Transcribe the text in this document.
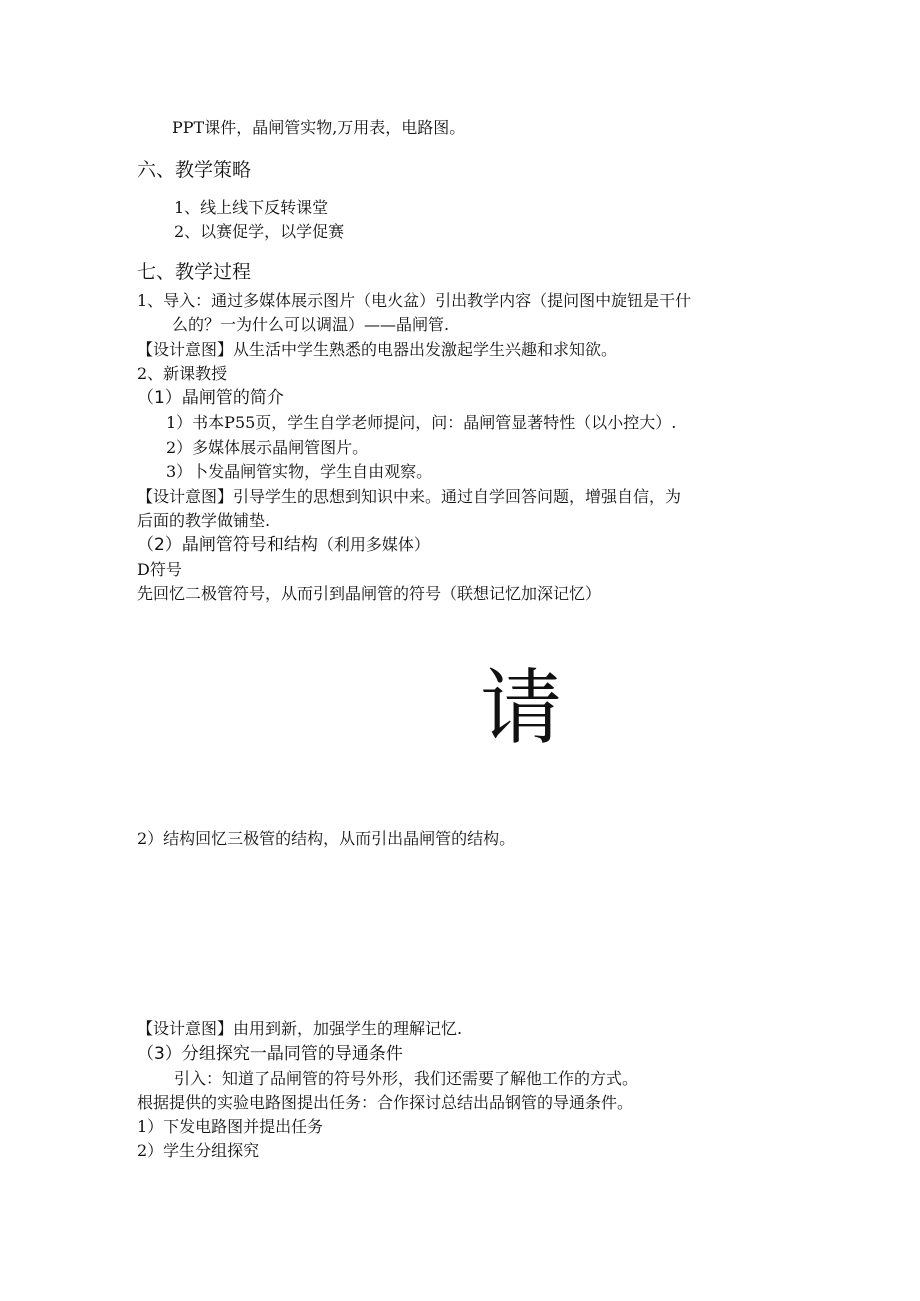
PPT课件，晶闸管实物,万用表，电路图。
六、教学策略
1、线上线下反转课堂
2、以赛促学，以学促赛
七、教学过程
1、导入：通过多媒体展示图片（电火盆）引出教学内容（提问图中旋钮是干什
么的？一为什么可以调温）——晶闸管.
【设计意图】从生活中学生熟悉的电器出发激起学生兴趣和求知欲。
2、新课教授
（1）晶闸管的简介
1）书本P55页，学生自学老师提问，问：晶闸管显著特性（以小控大）.
2）多媒体展示晶闸管图片。
3）卜发晶闸管实物，学生自由观察。
【设计意图】引导学生的思想到知识中来。通过自学回答问题，增强自信，为
后面的教学做铺垫.
（2）晶闸管符号和结构（利用多媒体）
D符号
先回忆二极管符号，从而引到晶闸管的符号（联想记忆加深记忆）
请
2）结构回忆三极管的结构，从而引出晶闸管的结构。
【设计意图】由用到新，加强学生的理解记忆.
（3）分组探究一晶同管的导通条件
引入：知道了品闸管的符号外形，我们还需要了解他工作的方式。
根据提供的实验电路图提出任务：合作探讨总结出品钢管的导通条件。
1）下发电路图并提出任务
2）学生分组探究
